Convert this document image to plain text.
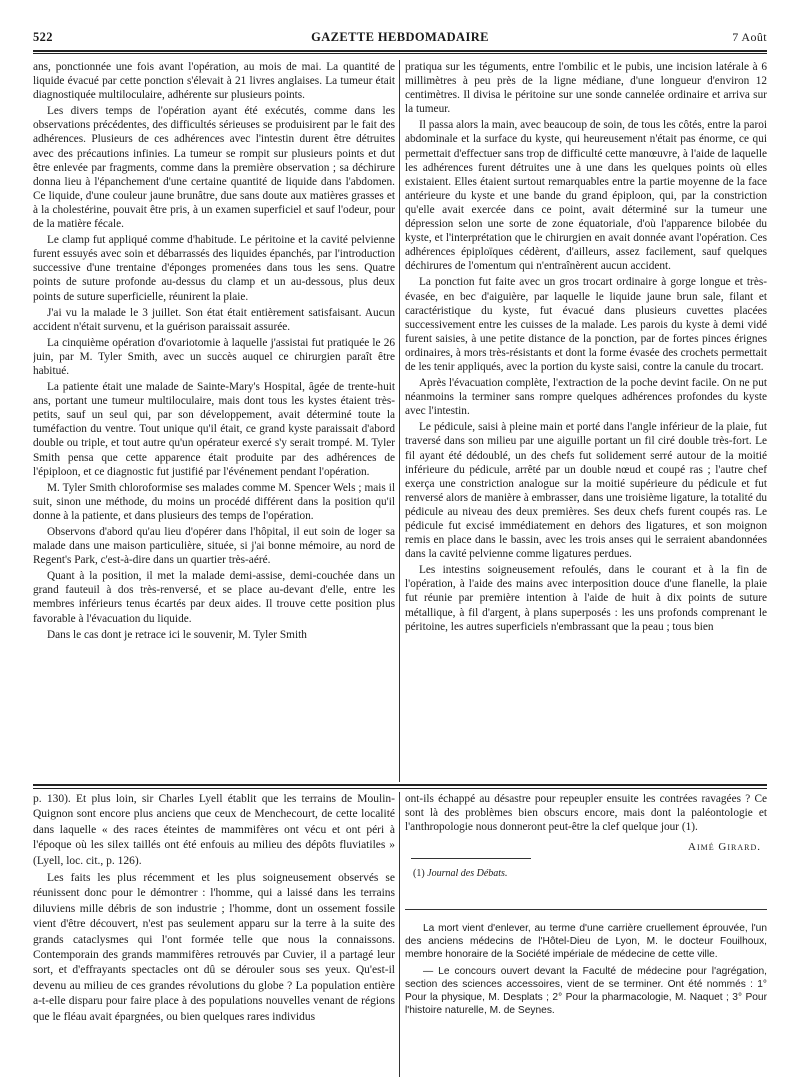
522	GAZETTE HEBDOMADAIRE	7 Août

ans, ponctionnée une fois avant l'opération, au mois de mai. La quantité de liquide évacué par cette ponction s'élevait à 21 livres anglaises. La tumeur était diagnostiquée multiloculaire, adhérente sur plusieurs points.

Les divers temps de l'opération ayant été exécutés, comme dans les observations précédentes, des difficultés sérieuses se produisirent par le fait des adhérences. Plusieurs de ces adhérences avec l'intestin durent être détruites avec des précautions infinies. La tumeur se rompit sur plusieurs points et dut être enlevée par fragments, comme dans la première observation ; sa déchirure donna lieu à l'épanchement d'une certaine quantité de liquide dans l'abdomen. Ce liquide, d'une couleur jaune brunâtre, due sans doute aux matières grasses et à la cholestérine, pouvait être pris, à un examen superficiel et sauf l'odeur, pour de la matière fécale.

Le clamp fut appliqué comme d'habitude. Le péritoine et la cavité pelvienne furent essuyés avec soin et débarrassés des liquides épanchés, par l'introduction successive d'une trentaine d'éponges promenées dans tous les sens. Quatre points de suture profonde au-dessus du clamp et un au-dessous, plus deux points de suture superficielle, réunirent la plaie.

J'ai vu la malade le 3 juillet. Son état était entièrement satisfaisant. Aucun accident n'était survenu, et la guérison paraissait assurée.

La cinquième opération d'ovariotomie à laquelle j'assistai fut pratiquée le 26 juin, par M. Tyler Smith, avec un succès auquel ce chirurgien paraît être habitué.

La patiente était une malade de Sainte-Mary's Hospital, âgée de trente-huit ans, portant une tumeur multiloculaire, mais dont tous les kystes étaient très-petits, sauf un seul qui, par son développement, avait déterminé toute la tuméfaction du ventre. Tout unique qu'il était, ce grand kyste paraissait d'abord double ou triple, et tout autre qu'un opérateur exercé s'y serait trompé. M. Tyler Smith pensa que cette apparence était produite par des adhérences de l'épiploon, et ce diagnostic fut justifié par l'événement pendant l'opération.

M. Tyler Smith chloroformise ses malades comme M. Spencer Wels ; mais il suit, sinon une méthode, du moins un procédé différent dans la position qu'il donne à la patiente, et dans plusieurs des temps de l'opération.

Observons d'abord qu'au lieu d'opérer dans l'hôpital, il eut soin de loger sa malade dans une maison particulière, située, si j'ai bonne mémoire, au nord de Regent's Park, c'est-à-dire dans un quartier très-aéré.

Quant à la position, il met la malade demi-assise, demi-couchée dans un grand fauteuil à dos très-renversé, et se place au-devant d'elle, entre les membres inférieurs tenus écartés par deux aides. Il trouve cette position plus favorable à l'évacuation du liquide.

Dans le cas dont je retrace ici le souvenir, M. Tyler Smith

pratiqua sur les téguments, entre l'ombilic et le pubis, une incision latérale à 6 millimètres à peu près de la ligne médiane, d'une longueur d'environ 12 centimètres. Il divisa le péritoine sur une sonde cannelée ordinaire et arriva sur la tumeur.

Il passa alors la main, avec beaucoup de soin, de tous les côtés, entre la paroi abdominale et la surface du kyste, qui heureusement n'était pas énorme, ce qui permettait d'effectuer sans trop de difficulté cette manœuvre, à l'aide de laquelle les adhérences furent détruites une à une dans les quelques points où elles existaient. Elles étaient surtout remarquables entre la partie moyenne de la face antérieure du kyste et une bande du grand épiploon, qui, par la constriction qu'elle avait exercée dans ce point, avait déterminé sur la tumeur une dépression selon une sorte de zone équatoriale, d'où l'apparence bilobée du kyste, et l'interprétation que le chirurgien en avait donnée avant l'opération. Ces adhérences épiploïques cédèrent, d'ailleurs, assez facilement, sauf quelques déchirures de l'omentum qui n'entraînèrent aucun accident.

La ponction fut faite avec un gros trocart ordinaire à gorge longue et très-évasée, en bec d'aiguière, par laquelle le liquide jaune brun sale, filant et caractéristique du kyste, fut évacué dans plusieurs cuvettes placées successivement entre les cuisses de la malade. Les parois du kyste à demi vidé furent saisies, à une petite distance de la ponction, par de fortes pinces érignes ordinaires, à mors très-résistants et dont la forme évasée des crochets permettait de les tenir appliqués, avec la portion du kyste saisi, contre la canule du trocart.

Après l'évacuation complète, l'extraction de la poche devint facile. On ne put néanmoins la terminer sans rompre quelques adhérences profondes du kyste avec l'intestin.

Le pédicule, saisi à pleine main et porté dans l'angle inférieur de la plaie, fut traversé dans son milieu par une aiguille portant un fil ciré double très-fort. Le fil ayant été dédoublé, un des chefs fut solidement serré autour de la moitié inférieure du pédicule, arrêté par un double nœud et coupé ras ; l'autre chef exerça une constriction analogue sur la moitié supérieure du pédicule et fut renversé alors de manière à embrasser, dans une troisième ligature, la totalité du pédicule au niveau des deux premières. Ses deux chefs furent coupés ras. Le pédicule fut excisé immédiatement en dehors des ligatures, et son moignon remis en place dans le bassin, avec les trois anses qui le serraient abandonnées dans la cavité pelvienne comme ligatures perdues.

Les intestins soigneusement refoulés, dans le courant et à la fin de l'opération, à l'aide des mains avec interposition douce d'une flanelle, la plaie fut réunie par première intention à l'aide de huit à dix points de suture métallique, à fil d'argent, à plans superposés : les uns profonds comprenant le péritoine, les autres superficiels n'embrassant que la peau ; tous bien

p. 130). Et plus loin, sir Charles Lyell établit que les terrains de Moulin-Quignon sont encore plus anciens que ceux de Menchecourt, de cette localité dans laquelle « des races éteintes de mammifères ont vécu et ont péri à l'époque où les silex taillés ont été enfouis au milieu des dépôts fluviatiles » (Lyell, loc. cit., p. 126).

Les faits les plus récemment et les plus soigneusement observés se réunissent donc pour le démontrer : l'homme, qui a laissé dans les terrains diluviens mille débris de son industrie ; l'homme, dont un ossement fossile vient d'être découvert, n'est pas seulement apparu sur la terre à la suite des grands cataclysmes qui l'ont formée telle que nous la connaissons. Contemporain des grands mammifères retrouvés par Cuvier, il a partagé leur sort, et d'effrayants spectacles ont dû se dérouler sous ses yeux. Qu'est-il devenu au milieu de ces grandes révolutions du globe ? La population entière a-t-elle disparu pour faire place à des populations nouvelles venant de régions que le fléau avait épargnées, ou bien quelques rares individus

ont-ils échappé au désastre pour repeupler ensuite les contrées ravagées ? Ce sont là des problèmes bien obscurs encore, mais dont la paléontologie et l'anthropologie nous donneront peut-être la clef quelque jour (1).

Aimé Girard.
(1) Journal des Débats.

La mort vient d'enlever, au terme d'une carrière cruellement éprouvée, l'un des anciens médecins de l'Hôtel-Dieu de Lyon, M. le docteur Fouilhoux, membre honoraire de la Société impériale de médecine de cette ville.

— Le concours ouvert devant la Faculté de médecine pour l'agrégation, section des sciences accessoires, vient de se terminer. Ont été nommés : 1° Pour la physique, M. Desplats ; 2° Pour la pharmacologie, M. Naquet ; 3° Pour l'histoire naturelle, M. de Seynes.
